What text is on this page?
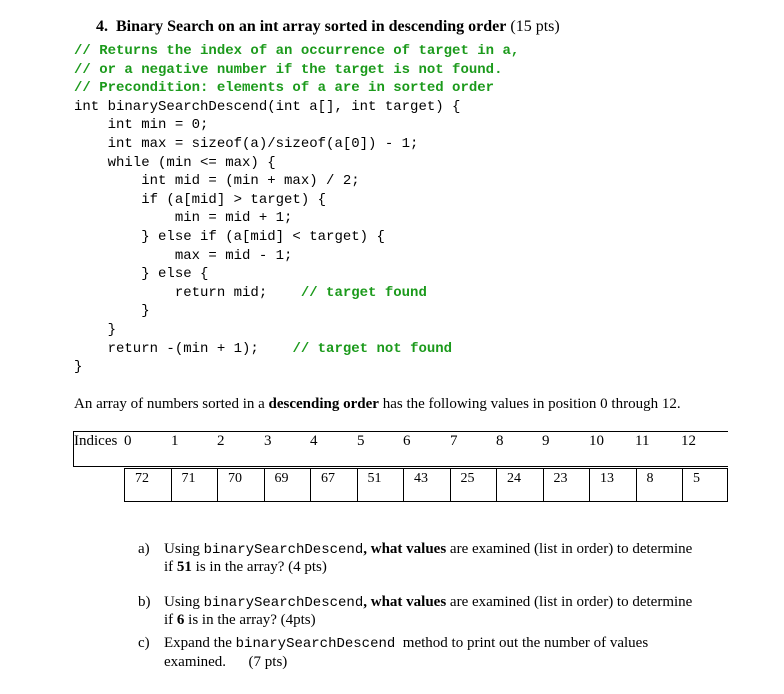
4. Binary Search on an int array sorted in descending order (15 pts)
// Returns the index of an occurrence of target in a,
// or a negative number if the target is not found.
// Precondition: elements of a are in sorted order
int binarySearchDescend(int a[], int target) {
int min = 0;
int max = sizeof(a)/sizeof(a[0]) - 1;
while (min <= max) {
int mid = (min + max) / 2;
if (a[mid] > target) {
min = mid + 1;
} else if (a[mid] < target) {
max = mid - 1;
} else {
return mid; // target found
}
}
return -(min + 1); // target not found
}
An array of numbers sorted in a descending order has the following values in position 0 through 12.
Indices 0	1	2	3	4	5	6	7	8	9	10 11 12
72	71	70	69	67	51	43	25	24	23	13	8	5
a) Using binarySearchDescend, what values are examined (list in order) to determine
if 51 is in the array? (4 pts)
b) Using binarySearchDescend, what values are examined (list in order) to determine
if 6 is in the array? (4pts)
c) Expand the binarySearchDescend  method to print out the number of values
examined.      (7 pts)
